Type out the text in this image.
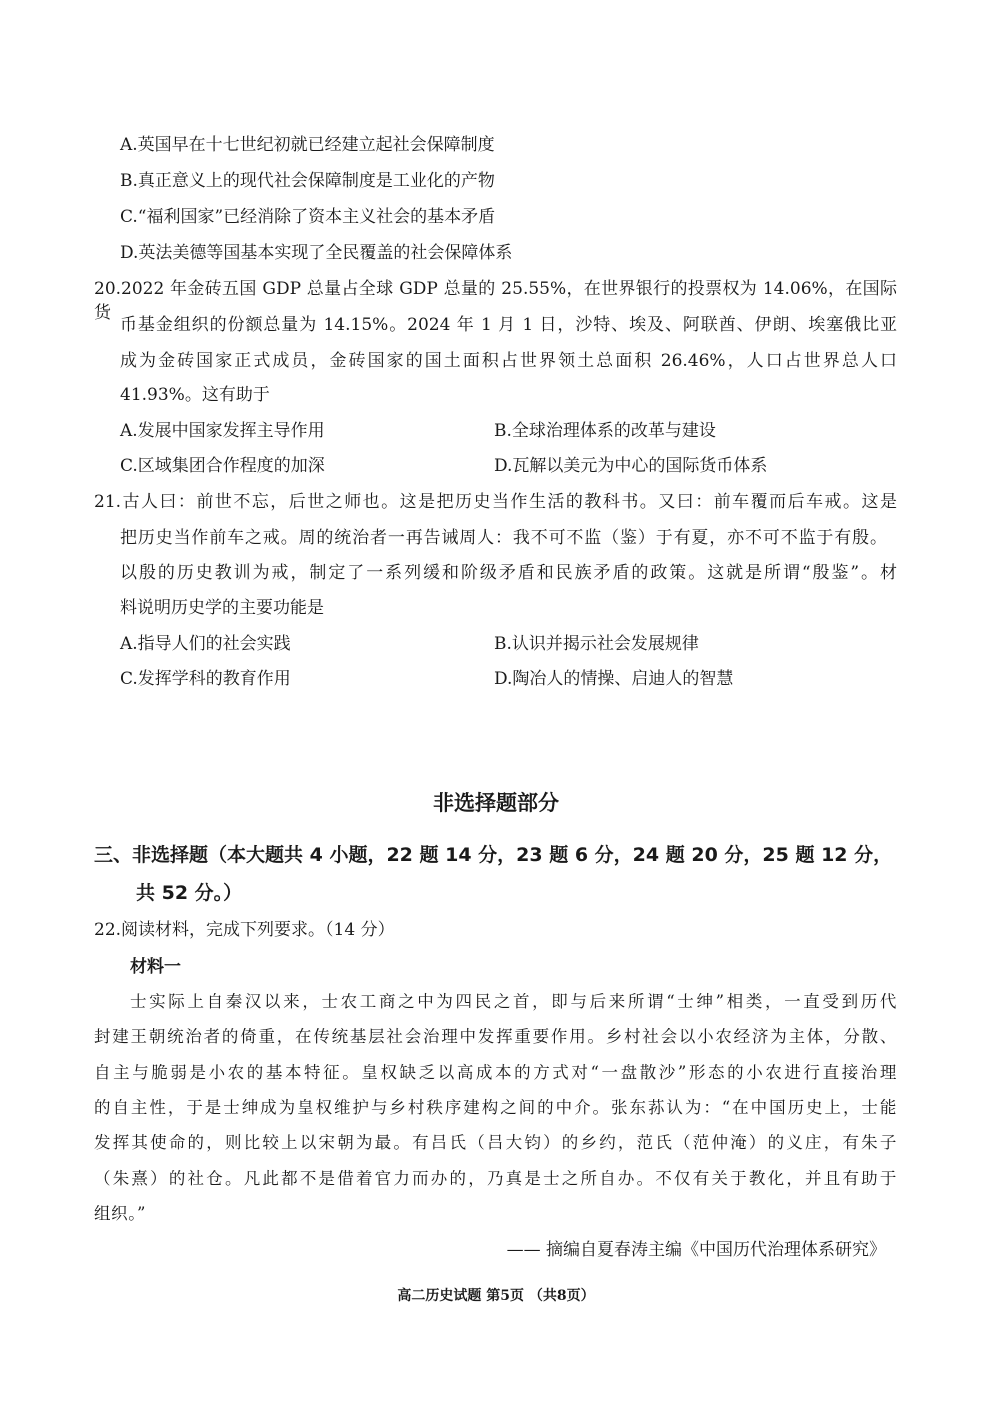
A.英国早在十七世纪初就已经建立起社会保障制度
B.真正意义上的现代社会保障制度是工业化的产物
C.“福利国家”已经消除了资本主义社会的基本矛盾
D.英法美德等国基本实现了全民覆盖的社会保障体系
20.2022 年金砖五国 GDP 总量占全球 GDP 总量的 25.55%，在世界银行的投票权为 14.06%，在国际货
币基金组织的份额总量为 14.15%。2024 年 1 月 1 日，沙特、埃及、阿联酋、伊朗、埃塞俄比亚
成为金砖国家正式成员，金砖国家的国土面积占世界领土总面积 26.46%，人口占世界总人口
41.93%。这有助于
A.发展中国家发挥主导作用	B.全球治理体系的改革与建设
C.区域集团合作程度的加深	D.瓦解以美元为中心的国际货币体系
21.古人曰：前世不忘，后世之师也。这是把历史当作生活的教科书。又曰：前车覆而后车戒。这是
把历史当作前车之戒。周的统治者一再告诫周人：我不可不监（鉴）于有夏，亦不可不监于有殷。
以殷的历史教训为戒，制定了一系列缓和阶级矛盾和民族矛盾的政策。这就是所谓“殷鉴”。材
料说明历史学的主要功能是
A.指导人们的社会实践	B.认识并揭示社会发展规律
C.发挥学科的教育作用	D.陶冶人的情操、启迪人的智慧
非选择题部分
三、非选择题（本大题共 4 小题，22 题 14 分，23 题 6 分，24 题 20 分，25 题 12 分，
共 52 分。）
22.阅读材料，完成下列要求。（14 分）
材料一
士实际上自秦汉以来，士农工商之中为四民之首，即与后来所谓“士绅”相类，一直受到历代
封建王朝统治者的倚重，在传统基层社会治理中发挥重要作用。乡村社会以小农经济为主体，分散、
自主与脆弱是小农的基本特征。皇权缺乏以高成本的方式对“一盘散沙”形态的小农进行直接治理
的自主性，于是士绅成为皇权维护与乡村秩序建构之间的中介。张东荪认为：“在中国历史上，士能
发挥其使命的，则比较上以宋朝为最。有吕氏（吕大钧）的乡约，范氏（范仲淹）的义庄，有朱子
（朱熹）的社仓。凡此都不是借着官力而办的，乃真是士之所自办。不仅有关于教化，并且有助于
组织。”
—— 摘编自夏春涛主编《中国历代治理体系研究》
高二历史试题 第5页 （共8页）
